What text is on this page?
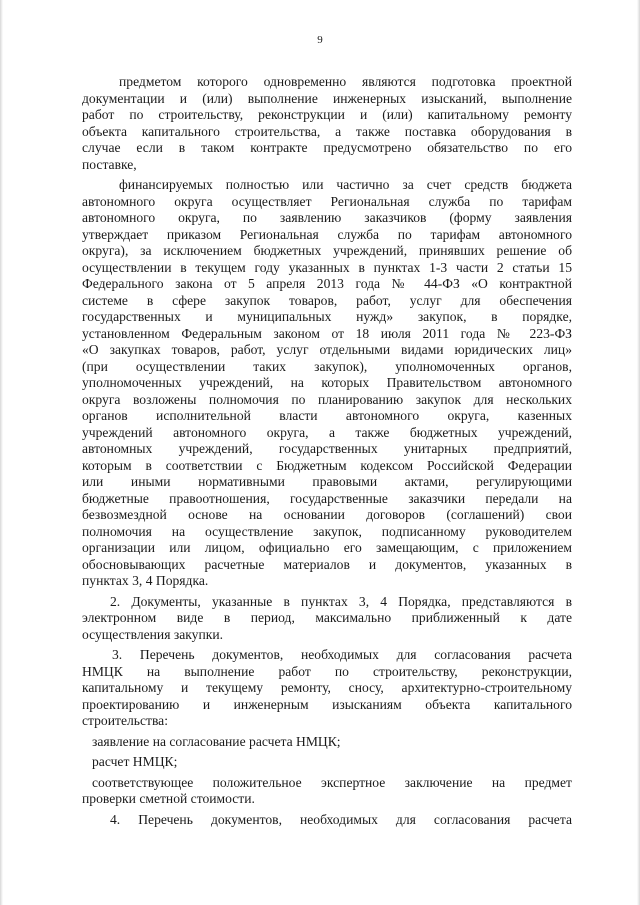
9
предметом которого одновременно являются подготовка проектной
документации и (или) выполнение инженерных изысканий, выполнение
работ по строительству, реконструкции и (или) капитальному ремонту
объекта капитального строительства, а также поставка оборудования в
случае если в таком контракте предусмотрено обязательство по его
поставке,
финансируемых полностью или частично за счет средств бюджета
автономного округа осуществляет Региональная служба по тарифам
автономного округа, по заявлению заказчиков (форму заявления
утверждает приказом Региональная служба по тарифам автономного
округа), за исключением бюджетных учреждений, принявших решение об
осуществлении в текущем году указанных в пунктах 1-3 части 2 статьи 15
Федерального закона от 5 апреля 2013 года № 44-ФЗ «О контрактной
системе в сфере закупок товаров, работ, услуг для обеспечения
государственных и муниципальных нужд» закупок, в порядке,
установленном Федеральным законом от 18 июля 2011 года № 223-ФЗ
«О закупках товаров, работ, услуг отдельными видами юридических лиц»
(при осуществлении таких закупок), уполномоченных органов,
уполномоченных учреждений, на которых Правительством автономного
округа возложены полномочия по планированию закупок для нескольких
органов исполнительной власти автономного округа, казенных
учреждений автономного округа, а также бюджетных учреждений,
автономных учреждений, государственных унитарных предприятий,
которым в соответствии с Бюджетным кодексом Российской Федерации
или иными нормативными правовыми актами, регулирующими
бюджетные правоотношения, государственные заказчики передали на
безвозмездной основе на основании договоров (соглашений) свои
полномочия на осуществление закупок, подписанному руководителем
организации или лицом, официально его замещающим, с приложением
обосновывающих расчетные материалов и документов, указанных в
пунктах 3, 4 Порядка.
2. Документы, указанные в пунктах 3, 4 Порядка, представляются в
электронном виде в период, максимально приближенный к дате
осуществления закупки.
3. Перечень документов, необходимых для согласования расчета
НМЦК на выполнение работ по строительству, реконструкции,
капитальному и текущему ремонту, сносу, архитектурно-строительному
проектированию и инженерным изысканиям объекта капитального
строительства:
заявление на согласование расчета НМЦК;
расчет НМЦК;
соответствующее положительное экспертное заключение на предмет
проверки сметной стоимости.
4. Перечень документов, необходимых для согласования расчета
